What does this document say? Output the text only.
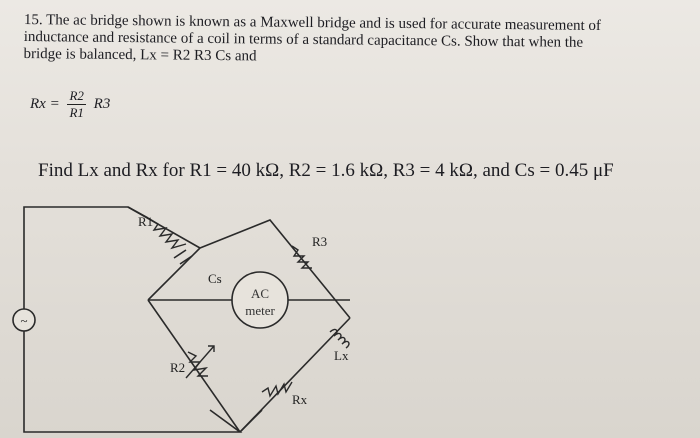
15. The ac bridge shown is known as a Maxwell bridge and is used for accurate measurement of

inductance and resistance of a coil in terms of a standard capacitance Cs. Show that when the

bridge is balanced, Lx = R2 R3 Cs and

$Rx = \frac{R2}{R1} R3$
Find Lx and Rx for R1 = 40 kΩ, R2 = 1.6 kΩ, R3 = 4 kΩ, and Cs = 0.45 μF
~
R1
Cs
R3
AC
meter
Lx
R2
Rx
